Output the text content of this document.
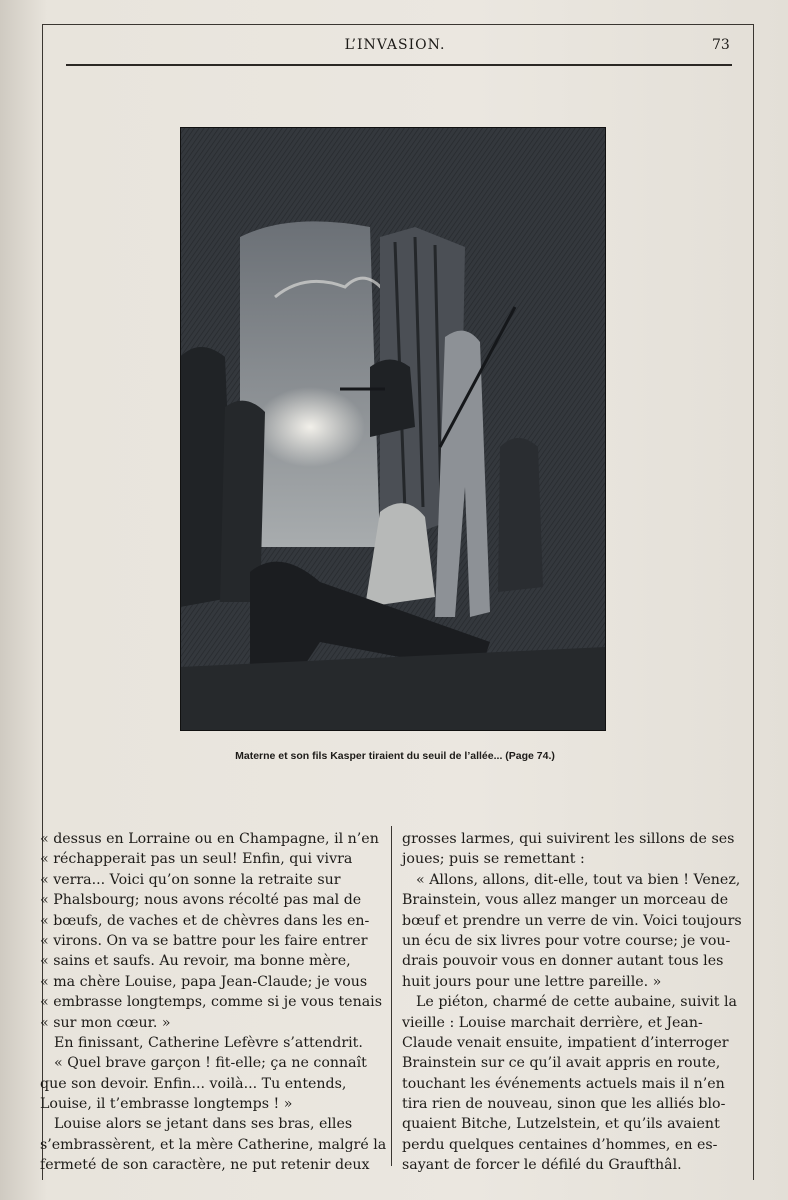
L’INVASION.	73
Materne et son fils Kasper tiraient du seuil de l’allée... (Page 74.)
« dessus en Lorraine ou en Champagne, il n’en
« réchapperait pas un seul! Enfin, qui vivra
« verra... Voici qu’on sonne la retraite sur
« Phalsbourg; nous avons récolté pas mal de
« bœufs, de vaches et de chèvres dans les en-
« virons. On va se battre pour les faire entrer
« sains et saufs. Au revoir, ma bonne mère,
« ma chère Louise, papa Jean-Claude; je vous
« embrasse longtemps, comme si je vous tenais
« sur mon cœur. »
En finissant, Catherine Lefèvre s’attendrit.
« Quel brave garçon ! fit-elle; ça ne connaît
que son devoir. Enfin... voilà... Tu entends,
Louise, il t’embrasse longtemps ! »
Louise alors se jetant dans ses bras, elles
s’embrassèrent, et la mère Catherine, malgré la
fermeté de son caractère, ne put retenir deux
grosses larmes, qui suivirent les sillons de ses
joues; puis se remettant :
« Allons, allons, dit-elle, tout va bien ! Venez,
Brainstein, vous allez manger un morceau de
bœuf et prendre un verre de vin. Voici toujours
un écu de six livres pour votre course; je vou-
drais pouvoir vous en donner autant tous les
huit jours pour une lettre pareille. »
Le piéton, charmé de cette aubaine, suivit la
vieille : Louise marchait derrière, et Jean-
Claude venait ensuite, impatient d’interroger
Brainstein sur ce qu’il avait appris en route,
touchant les événements actuels mais il n’en
tira rien de nouveau, sinon que les alliés blo-
quaient Bitche, Lutzelstein, et qu’ils avaient
perdu quelques centaines d’hommes, en es-
sayant de forcer le défilé du Graufthâl.
